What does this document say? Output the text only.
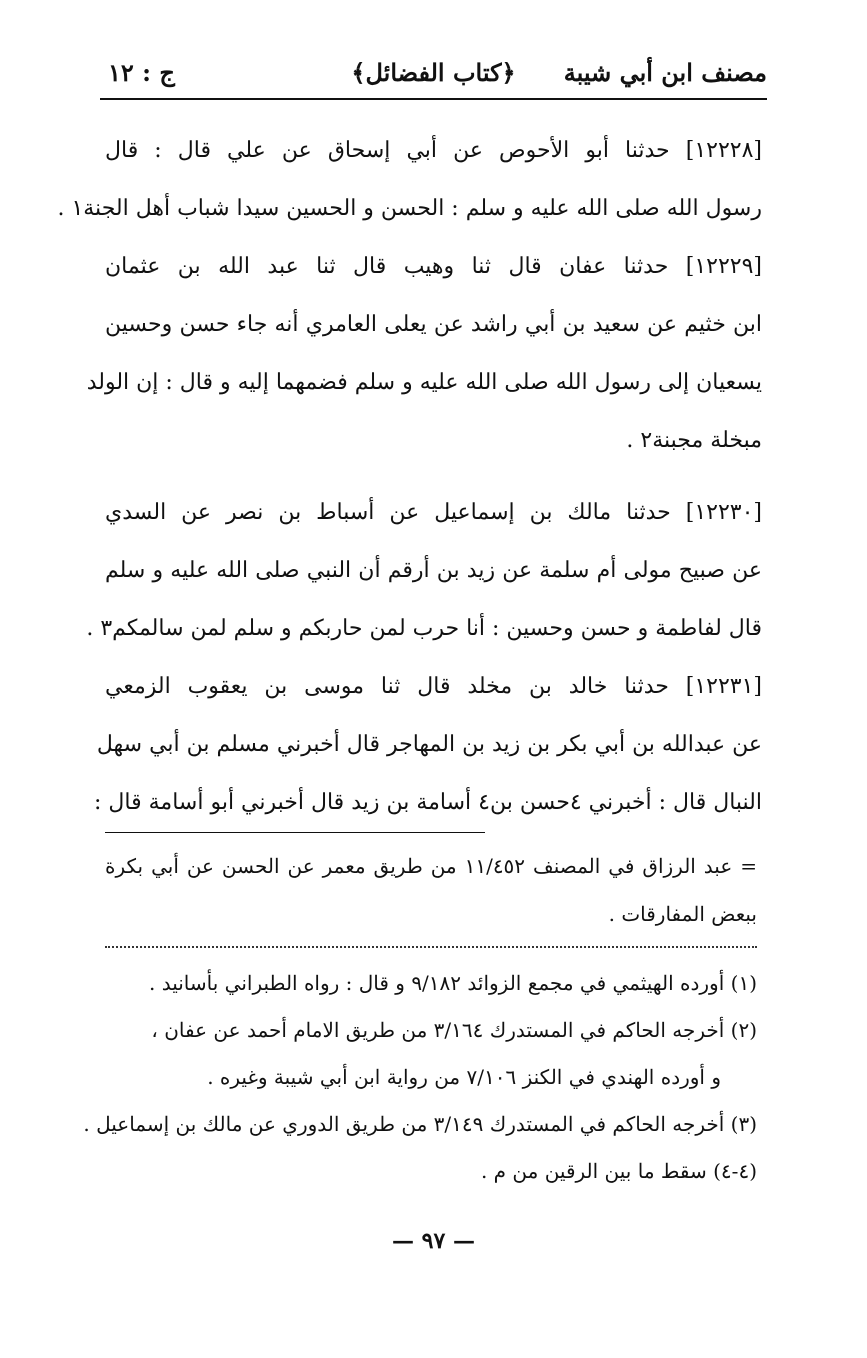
مصنف ابن أبي شيبة
﴿كتاب الفضائل﴾
ج : ١٢
[١٢٢٢٨] حدثنا أبو الأحوص عن أبي إسحاق عن علي قال : قال
رسول الله صلى الله عليه و سلم : الحسن و الحسين سيدا شباب أهل الجنة١ .
[١٢٢٢٩] حدثنا عفان قال ثنا وهيب قال ثنا عبد الله بن عثمان
ابن خثيم عن سعيد بن أبي راشد عن يعلى العامري أنه جاء حسن وحسين
يسعيان إلى رسول الله صلى الله عليه و سلم فضمهما إليه و قال : إن الولد
مبخلة مجبنة٢ .
[١٢٢٣٠] حدثنا مالك بن إسماعيل عن أسباط بن نصر عن السدي
عن صبيح مولى أم سلمة عن زيد بن أرقم أن النبي صلى الله عليه و سلم
قال لفاطمة و حسن وحسين : أنا حرب لمن حاربكم و سلم لمن سالمكم٣ .
[١٢٢٣١] حدثنا خالد بن مخلد قال ثنا موسى بن يعقوب الزمعي
عن عبدالله بن أبي بكر بن زيد بن المهاجر قال أخبرني مسلم بن أبي سهل
النبال قال : أخبرني ٤حسن بن٤ أسامة بن زيد قال أخبرني أبو أسامة قال :
= عبد الرزاق في المصنف ١١/٤٥٢ من طريق معمر عن الحسن عن أبي بكرة
ببعض المفارقات .
(١) أورده الهيثمي في مجمع الزوائد ٩/١٨٢ و قال : رواه الطبراني بأسانيد .
(٢) أخرجه الحاكم في المستدرك ٣/١٦٤ من طريق الامام أحمد عن عفان ،
و أورده الهندي في الكنز ٧/١٠٦ من رواية ابن أبي شيبة وغيره .
(٣) أخرجه الحاكم في المستدرك ٣/١٤٩ من طريق الدوري عن مالك بن إسماعيل .
(٤-٤) سقط ما بين الرقين من م .
— ٩٧ —
